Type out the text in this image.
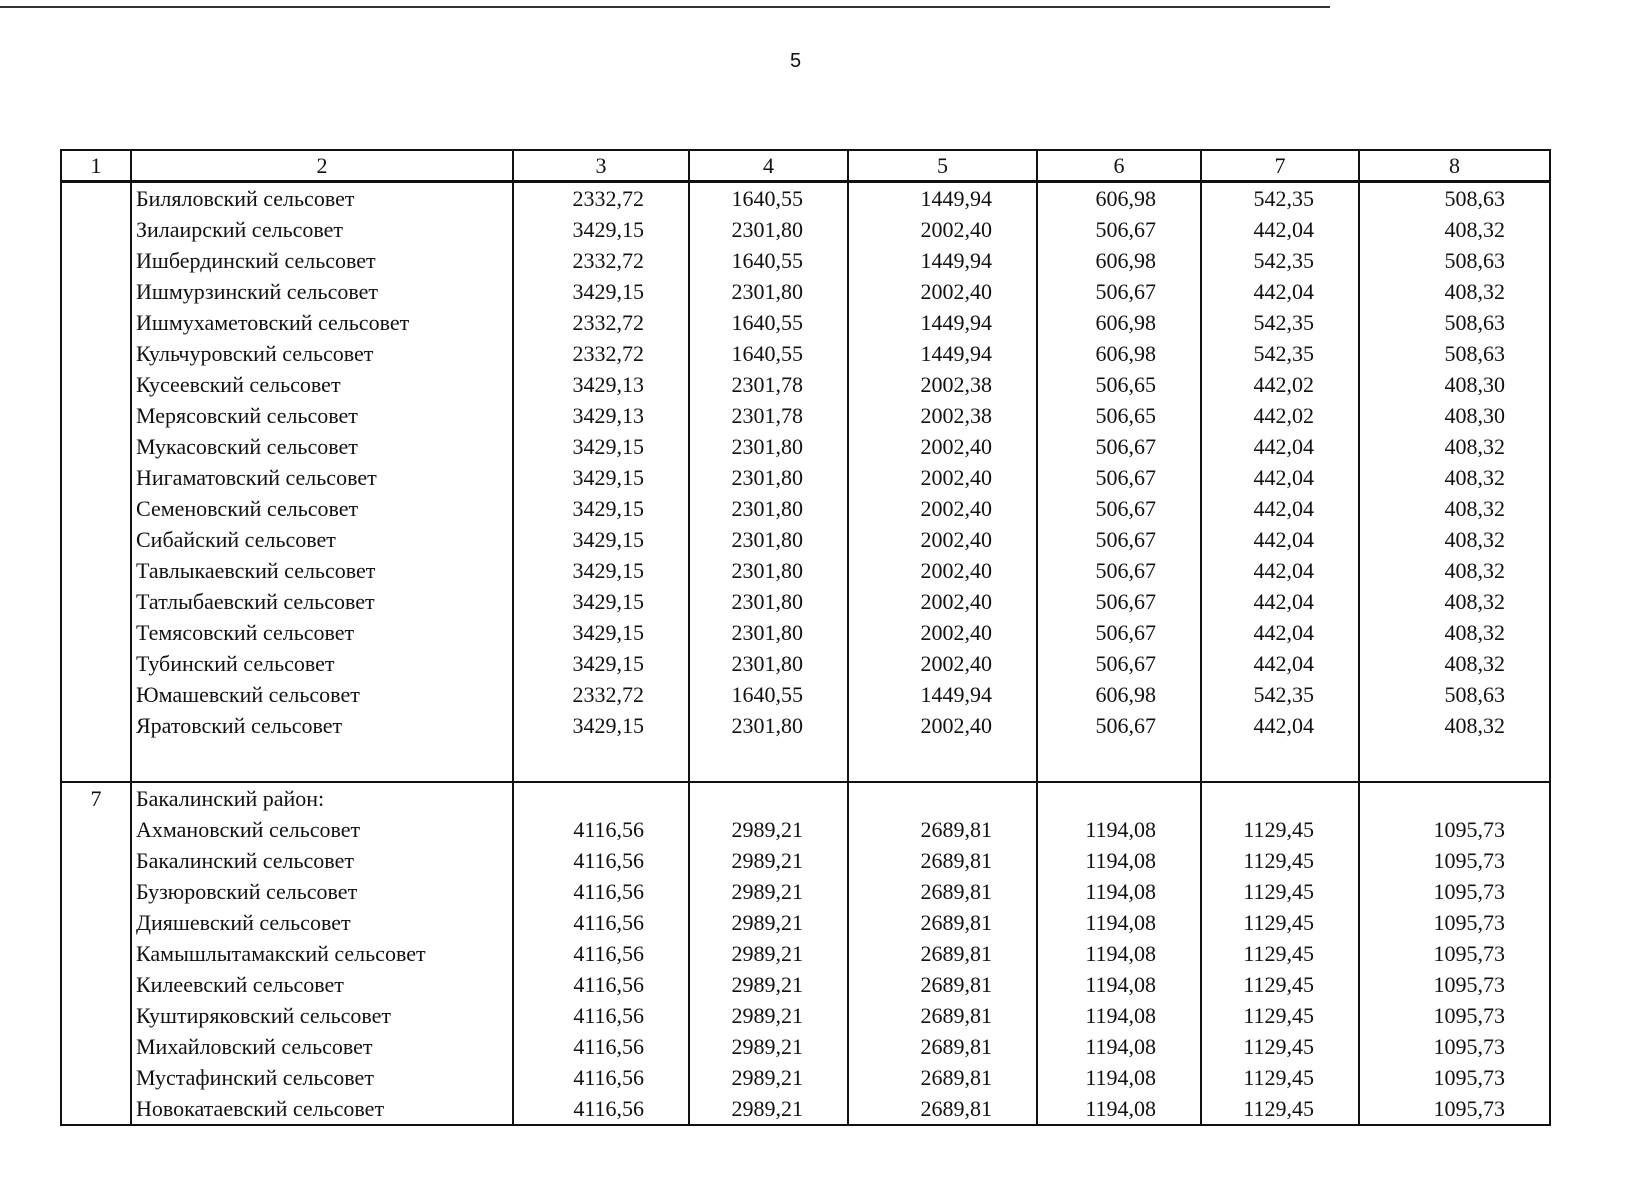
5
1	2	3	4	5	6	7	8
	Биляловский сельсовет	2332,72	1640,55	1449,94	606,98	542,35	508,63
	Зилаирский сельсовет	3429,15	2301,80	2002,40	506,67	442,04	408,32
	Ишбердинский сельсовет	2332,72	1640,55	1449,94	606,98	542,35	508,63
	Ишмурзинский сельсовет	3429,15	2301,80	2002,40	506,67	442,04	408,32
	Ишмухаметовский сельсовет	2332,72	1640,55	1449,94	606,98	542,35	508,63
	Кульчуровский сельсовет	2332,72	1640,55	1449,94	606,98	542,35	508,63
	Кусеевский сельсовет	3429,13	2301,78	2002,38	506,65	442,02	408,30
	Мерясовский сельсовет	3429,13	2301,78	2002,38	506,65	442,02	408,30
	Мукасовский сельсовет	3429,15	2301,80	2002,40	506,67	442,04	408,32
	Нигаматовский сельсовет	3429,15	2301,80	2002,40	506,67	442,04	408,32
	Семеновский сельсовет	3429,15	2301,80	2002,40	506,67	442,04	408,32
	Сибайский сельсовет	3429,15	2301,80	2002,40	506,67	442,04	408,32
	Тавлыкаевский сельсовет	3429,15	2301,80	2002,40	506,67	442,04	408,32
	Татлыбаевский сельсовет	3429,15	2301,80	2002,40	506,67	442,04	408,32
	Темясовский сельсовет	3429,15	2301,80	2002,40	506,67	442,04	408,32
	Тубинский сельсовет	3429,15	2301,80	2002,40	506,67	442,04	408,32
	Юмашевский сельсовет	2332,72	1640,55	1449,94	606,98	542,35	508,63
	Яратовский сельсовет	3429,15	2301,80	2002,40	506,67	442,04	408,32

7	Бакалинский район:						
	Ахмановский сельсовет	4116,56	2989,21	2689,81	1194,08	1129,45	1095,73
	Бакалинский сельсовет	4116,56	2989,21	2689,81	1194,08	1129,45	1095,73
	Бузюровский сельсовет	4116,56	2989,21	2689,81	1194,08	1129,45	1095,73
	Дияшевский сельсовет	4116,56	2989,21	2689,81	1194,08	1129,45	1095,73
	Камышлытамакский сельсовет	4116,56	2989,21	2689,81	1194,08	1129,45	1095,73
	Килеевский сельсовет	4116,56	2989,21	2689,81	1194,08	1129,45	1095,73
	Куштиряковский сельсовет	4116,56	2989,21	2689,81	1194,08	1129,45	1095,73
	Михайловский сельсовет	4116,56	2989,21	2689,81	1194,08	1129,45	1095,73
	Мустафинский сельсовет	4116,56	2989,21	2689,81	1194,08	1129,45	1095,73
	Новокатаевский сельсовет	4116,56	2989,21	2689,81	1194,08	1129,45	1095,73
